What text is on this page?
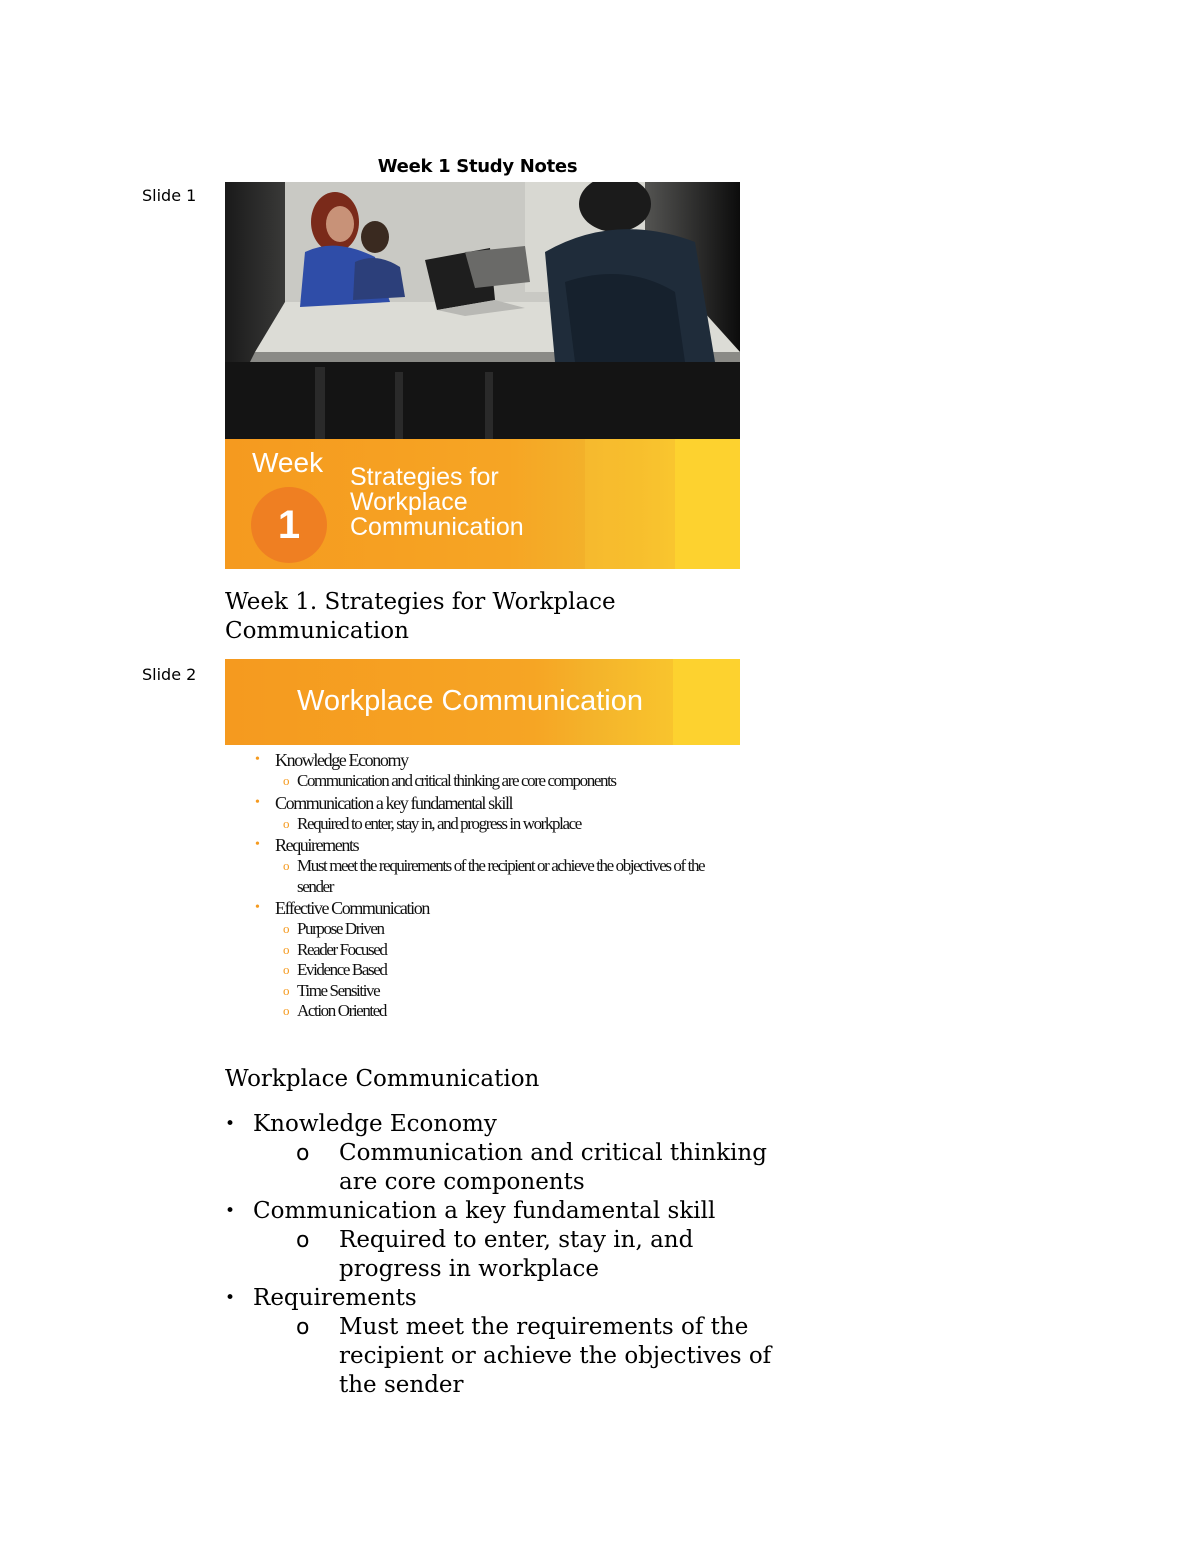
Week 1 Study Notes
Slide 1
Slide 2
Week
1
Strategies for Workplace Communication
Week 1. Strategies for Workplace Communication
Workplace Communication
• Knowledge Economy
o Communication and critical thinking are core components
• Communication a key fundamental skill
o Required to enter, stay in, and progress in workplace
• Requirements
o Must meet the requirements of the recipient or achieve the objectives of the sender
• Effective Communication
o Purpose Driven
o Reader Focused
o Evidence Based
o Time Sensitive
o Action Oriented
Workplace Communication
• Knowledge Economy
o Communication and critical thinking are core components
• Communication a key fundamental skill
o Required to enter, stay in, and progress in workplace
• Requirements
o Must meet the requirements of the recipient or achieve the objectives of the sender
